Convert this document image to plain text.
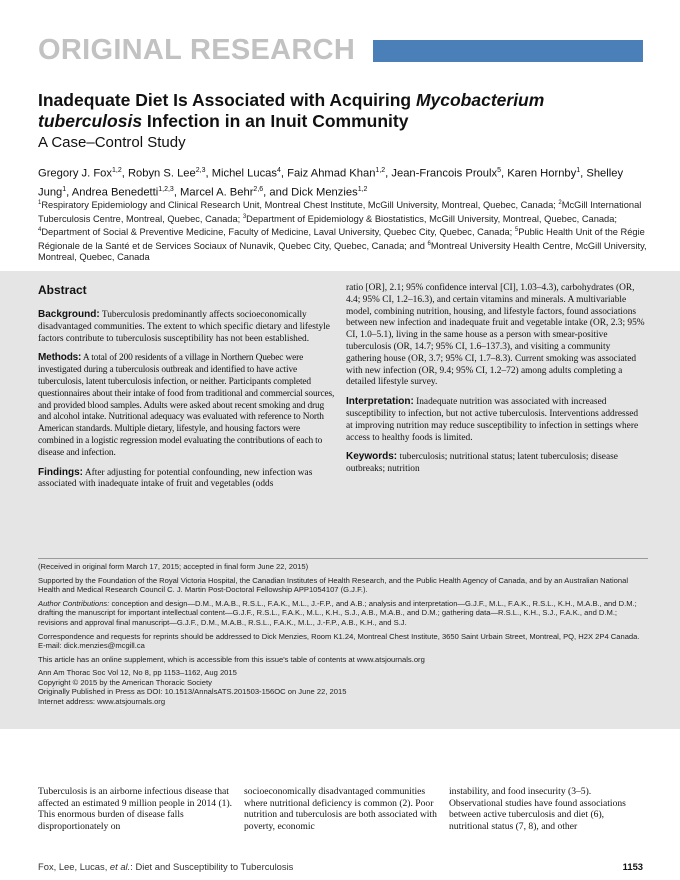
ORIGINAL RESEARCH
Inadequate Diet Is Associated with Acquiring Mycobacterium
tuberculosis Infection in an Inuit Community
A Case–Control Study
Gregory J. Fox$^{1,2}$, Robyn S. Lee$^{2,3}$, Michel Lucas$^4$, Faiz Ahmad Khan$^{1,2}$, Jean-Francois Proulx$^5$, Karen Hornby$^1$, Shelley Jung$^1$, Andrea Benedetti$^{1,2,3}$, Marcel A. Behr$^{2,6}$, and Dick Menzies$^{1,2}$
$^1$Respiratory Epidemiology and Clinical Research Unit, Montreal Chest Institute, McGill University, Montreal, Quebec, Canada; $^2$McGill International Tuberculosis Centre, Montreal, Quebec, Canada; $^3$Department of Epidemiology & Biostatistics, McGill University, Montreal, Quebec, Canada; $^4$Department of Social & Preventive Medicine, Faculty of Medicine, Laval University, Quebec City, Quebec, Canada; $^5$Public Health Unit of the Régie Régionale de la Santé et de Services Sociaux of Nunavik, Quebec City, Quebec, Canada; and $^6$Montreal University Health Centre, McGill University, Montreal, Quebec, Canada
Abstract

Background: Tuberculosis predominantly affects socioeconomically disadvantaged communities. The extent to which specific dietary and lifestyle factors contribute to tuberculosis susceptibility has not been established.

Methods: A total of 200 residents of a village in Northern Quebec were investigated during a tuberculosis outbreak and identified to have active tuberculosis, latent tuberculosis infection, or neither. Participants completed questionnaires about their intake of food from traditional and commercial sources, and provided blood samples. Adults were asked about recent smoking and drug and alcohol intake. Nutritional adequacy was evaluated with reference to North American standards. Multiple dietary, lifestyle, and housing factors were combined in a logistic regression model evaluating the contributions of each to disease and infection.

Findings: After adjusting for potential confounding, new infection was associated with inadequate intake of fruit and vegetables (odds

ratio [OR], 2.1; 95% confidence interval [CI], 1.03–4.3), carbohydrates (OR, 4.4; 95% CI, 1.2–16.3), and certain vitamins and minerals. A multivariable model, combining nutrition, housing, and lifestyle factors, found associations between new infection and inadequate fruit and vegetable intake (OR, 2.3; 95% CI, 1.0–5.1), living in the same house as a person with smear-positive tuberculosis (OR, 14.7; 95% CI, 1.6–137.3), and visiting a community gathering house (OR, 3.7; 95% CI, 1.7–8.3). Current smoking was associated with new infection (OR, 9.4; 95% CI, 1.2–72) among adults completing a detailed lifestyle survey.

Interpretation: Inadequate nutrition was associated with increased susceptibility to infection, but not active tuberculosis. Interventions addressed at improving nutrition may reduce susceptibility to infection in settings where access to healthy foods is limited.

Keywords: tuberculosis; nutritional status; latent tuberculosis; disease outbreaks; nutrition

(Received in original form March 17, 2015; accepted in final form June 22, 2015)

Supported by the Foundation of the Royal Victoria Hospital, the Canadian Institutes of Health Research, and the Public Health Agency of Canada, and by an Australian National Health and Medical Research Council C. J. Martin Post-Doctoral Fellowship APP1054107 (G.J.F.).

Author Contributions: conception and design—D.M., M.A.B., R.S.L., F.A.K., M.L., J.-F.P., and A.B.; analysis and interpretation—G.J.F., M.L., F.A.K., R.S.L., K.H., M.A.B., and D.M.; drafting the manuscript for important intellectual content—G.J.F., R.S.L., F.A.K., M.L., K.H., S.J., A.B., M.A.B., and D.M.; gathering data—R.S.L., K.H., S.J., F.A.K., and D.M.; revisions and approval final manuscript—G.J.F., D.M., M.A.B., R.S.L., F.A.K., M.L., J.-F.P., A.B., K.H., and S.J.

Correspondence and requests for reprints should be addressed to Dick Menzies, Room K1.24, Montreal Chest Institute, 3650 Saint Urbain Street, Montreal, PQ, H2X 2P4 Canada. E-mail: dick.menzies@mcgill.ca

This article has an online supplement, which is accessible from this issue's table of contents at www.atsjournals.org

Ann Am Thorac Soc Vol 12, No 8, pp 1153–1162, Aug 2015
Copyright © 2015 by the American Thoracic Society
Originally Published in Press as DOI: 10.1513/AnnalsATS.201503-156OC on June 22, 2015
Internet address: www.atsjournals.org
Tuberculosis is an airborne infectious disease that affected an estimated 9 million people in 2014 (1). This enormous burden of disease falls disproportionately on
socioeconomically disadvantaged communities where nutritional deficiency is common (2). Poor nutrition and tuberculosis are both associated with poverty, economic
instability, and food insecurity (3–5). Observational studies have found associations between active tuberculosis and diet (6), nutritional status (7, 8), and other
Fox, Lee, Lucas, et al.: Diet and Susceptibility to Tuberculosis	1153
